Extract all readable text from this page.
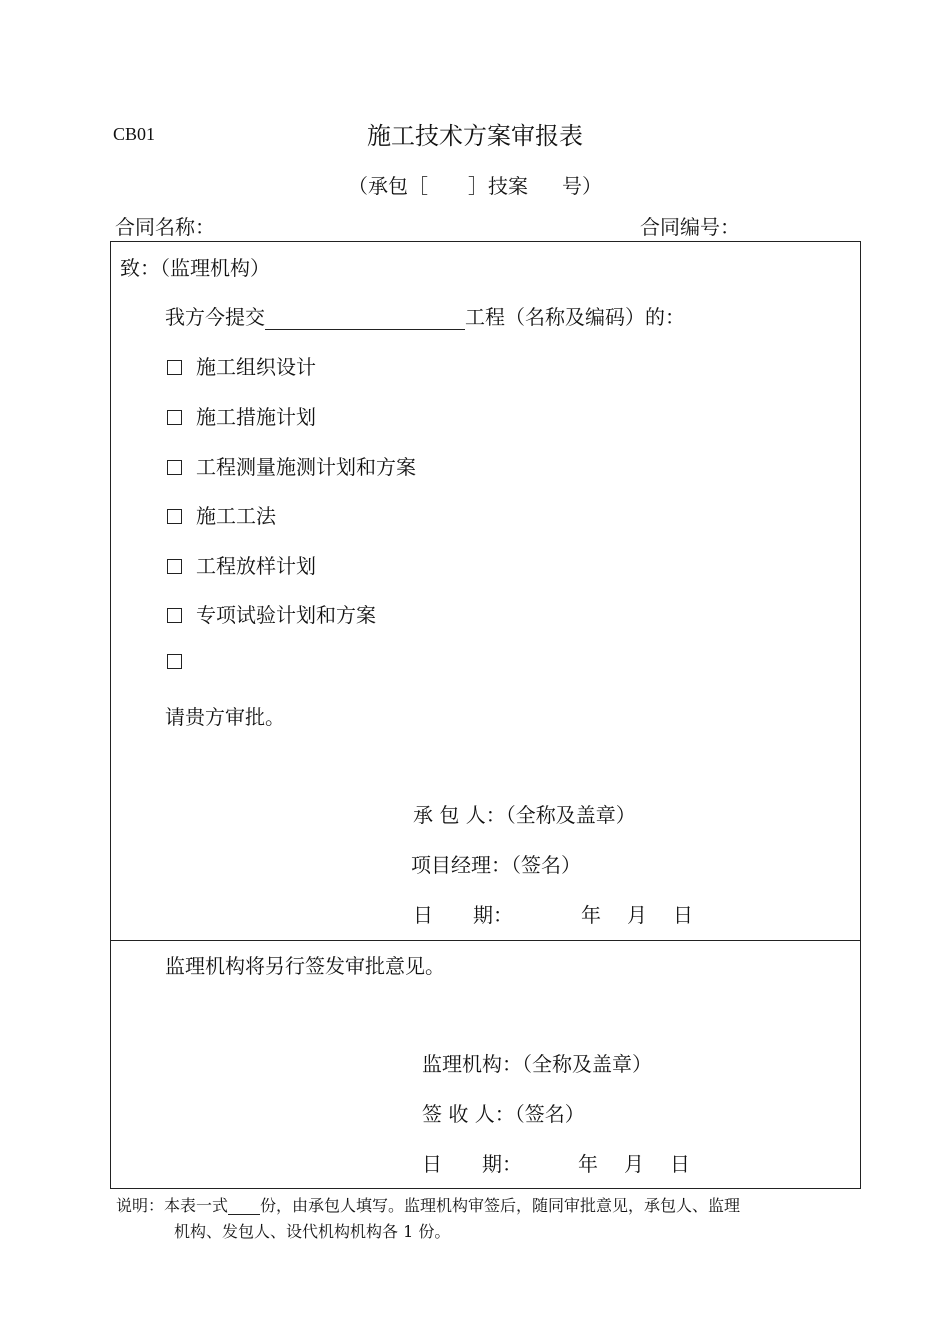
CB01	施工技术方案审报表
（承包［ ］技案 号）
合同名称：	合同编号：
致：（监理机构）
我方今提交	工程（名称及编码）的：
施工组织设计
施工措施计划
工程测量施测计划和方案
施工工法
工程放样计划
专项试验计划和方案
请贵方审批。
承 包 人：（全称及盖章）
项目经理：（签名）
日　　期：	年 月 日
监理机构将另行签发审批意见。
监理机构：（全称及盖章）
签 收 人：（签名）
日　　期：	年 月 日
说明：本表一式 份，由承包人填写。监理机构审签后，随同审批意见，承包人、监理
机构、发包人、设代机构机构各 1 份。
